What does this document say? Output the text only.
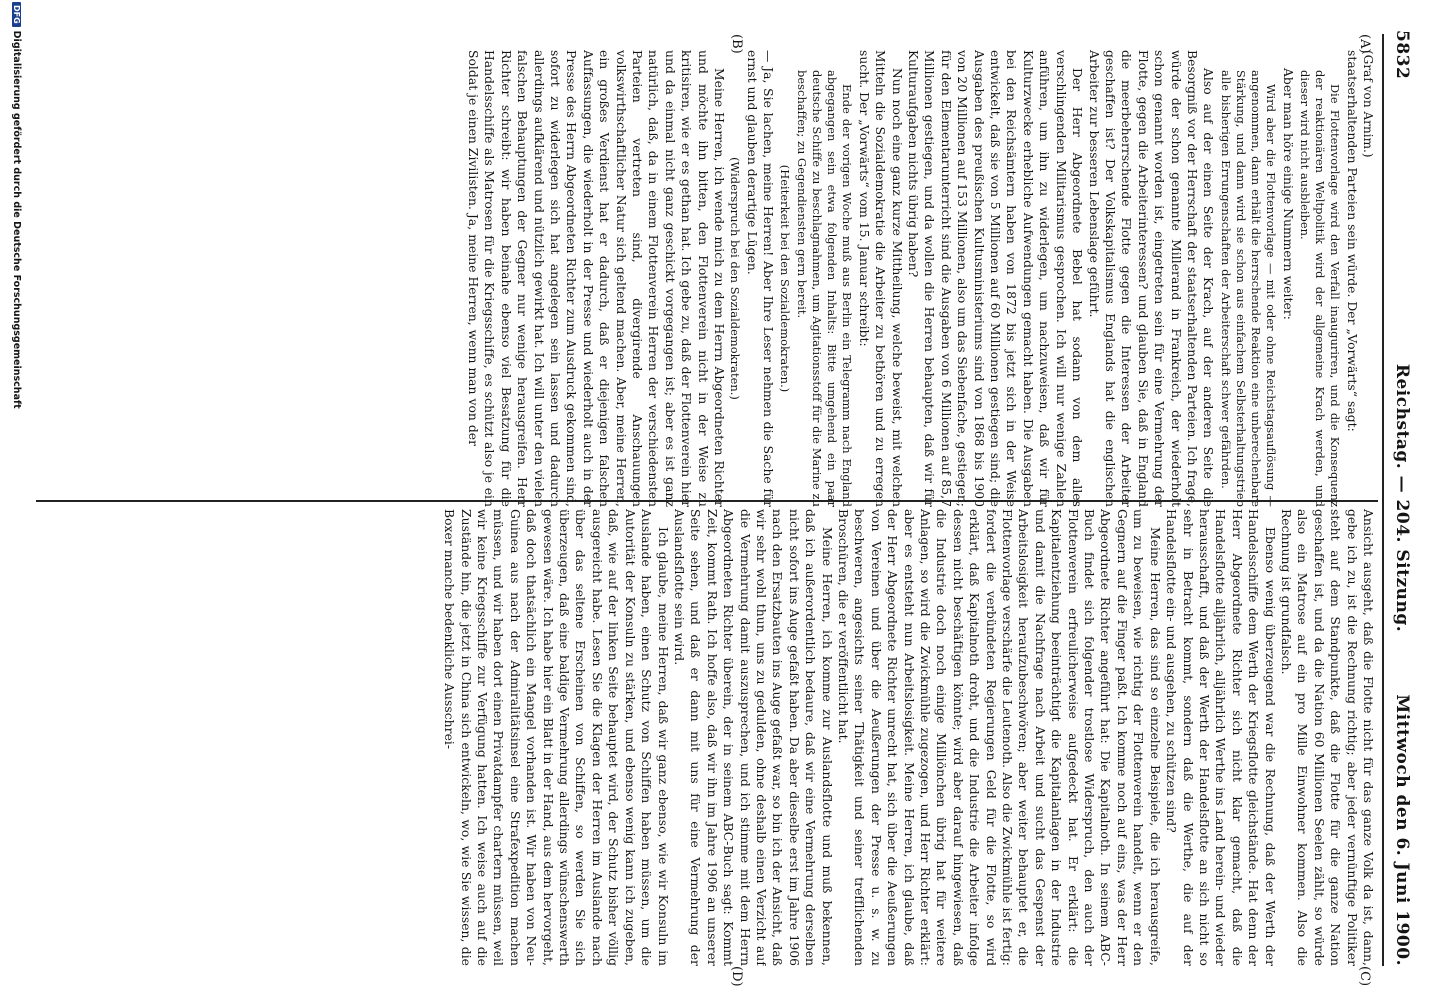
5832
Reichstag. — 204. Sitzung.
Mittwoch den 6. Juni 1900.
(A)
(B)
(C)
(D)

(Graf von Arnim.)

staatserhaltenden Parteien sein würde. Der „Vorwärts“ sagt:

Die Flottenvorlage wird den Verfall inauguriren, und die Konsequenz der reaktionären Weltpolitik wird der allgemeine Krach werden, und dieser wird nicht ausbleiben.

Aber man höre einige Nummern weiter:

Wird aber die Flottenvorlage — mit oder ohne Reichstagsauflösung — angenommen, dann erhält die herrschende Reaktion eine unberechenbare Stärkung, und dann wird sie schon aus einfachem Selbsterhaltungstrieb alle bisherigen Errungenschaften der Arbeiterschaft schwer gefährden.

Also auf der einen Seite der Krach, auf der anderen Seite die Besorgniß vor der Herrschaft der staatserhaltenden Parteien. Ich frage, würde der schon genannte Millerand in Frankreich, der wiederholt schon genannt worden ist, eingetreten sein für eine Vermehrung der Flotte, gegen die Arbeiterinteressen? und glauben Sie, daß in England die meerbeherrschende Flotte gegen die Interessen der Arbeiter geschaffen ist? Der Volkskapitalismus Englands hat die englischen Arbeiter zur besseren Lebenslage geführt.

Der Herr Abgeordnete Bebel hat sodann von dem alles verschlingenden Militarismus gesprochen. Ich will nur wenige Zahlen anführen, um ihn zu widerlegen, um nachzuweisen, daß wir für Kulturzwecke erhebliche Aufwendungen gemacht haben. Die Ausgaben bei den Reichsämtern haben von 1872 bis jetzt sich in der Weise entwickelt, daß sie von 5 Millionen auf 60 Millionen gestiegen sind; die Ausgaben des preußischen Kultusministeriums sind von 1868 bis 1900 von 20 Millionen auf 153 Millionen, also um das Siebenfache, gestiegen; für den Elementarunterricht sind die Ausgaben von 6 Millionen auf 85,7 Millionen gestiegen, und da wollen die Herren behaupten, daß wir für Kulturaufgaben nichts übrig haben?

Nun noch eine ganz kurze Mittheilung, welche beweist, mit welchen Mitteln die Sozialdemokratie die Arbeiter zu bethören und zu erregen sucht. Der „Vorwärts“ vom 15. Januar schreibt:

Ende der vorigen Woche muß aus Berlin ein Telegramm nach England abgegangen sein etwa folgenden Inhalts: Bitte umgehend ein paar deutsche Schiffe zu beschlagnahmen, um Agitationsstoff für die Marine zu beschaffen; zu Gegendiensten gern bereit.

(Heiterkeit bei den Sozialdemokraten.)

— Ja, Sie lachen, meine Herren! Aber Ihre Leser nehmen die Sache für ernst und glauben derartige Lügen.

(Widerspruch bei den Sozialdemokraten.)

Meine Herren, ich wende mich zu dem Herrn Abgeordneten Richter und möchte ihn bitten, den Flottenverein nicht in der Weise zu kritisiren, wie er es gethan hat. Ich gebe zu, daß der Flottenverein hier und da einmal nicht ganz geschickt vorgegangen ist; aber es ist ganz natürlich, daß, da in einem Flottenverein Herren der verschiedensten Parteien vertreten sind, divergirende Anschauungen volkswirthschaftlicher Natur sich geltend machen. Aber, meine Herren, ein großes Verdienst hat er dadurch, daß er diejenigen falschen Auffassungen, die wiederholt in der Presse und wiederholt auch in der Presse des Herrn Abgeordneten Richter zum Ausdruck gekommen sind, sofort zu widerlegen sich hat angelegen sein lassen und dadurch allerdings aufklärend und nützlich gewirkt hat. Ich will unter den vielen falschen Behauptungen der Gegner nur wenige herausgreifen. Herr Richter schreibt: wir haben beinahe ebenso viel Besatzung für die Handelsschiffe als Matrosen für die Kriegsschiffe, es schützt also je ein Soldat je einen Zivilisten. Ja, meine Herren, wenn man von der

Ansicht ausgeht, daß die Flotte nicht für das ganze Volk da ist, dann, gebe ich zu, ist die Rechnung richtig; aber jeder vernünftige Politiker steht auf dem Standpunkte, daß die Flotte für die ganze Nation geschaffen ist, und da die Nation 60 Millionen Seelen zählt, so würde also ein Matrose auf ein pro Mille Einwohner kommen. Also die Rechnung ist grundfalsch.

Ebenso wenig überzeugend war die Rechnung, daß der Werth der Handelsschiffe dem Werth der Kriegsflotte gleichstände. Hat denn der Herr Abgeordnete Richter sich nicht klar gemacht, daß die Handelsflotte alljährlich, alljährlich Werthe ins Land herein- und wieder herausschafft, und daß der Werth der Handelsflotte an sich nicht so sehr in Betracht kommt, sondern daß die Werthe, die auf der Handelsflotte ein- und ausgehen, zu schützen sind?

Meine Herren, das sind so einzelne Beispiele, die ich herausgreife, um zu beweisen, wie richtig der Flottenverein handelt, wenn er den Gegnern auf die Finger paßt. Ich komme noch auf eins, was der Herr Abgeordnete Richter angeführt hat: Die Kapitalnoth. In seinem ABC-Buch findet sich folgender trostlose Widerspruch, den auch der Flottenverein erfreulicherweise aufgedeckt hat. Er erklärt: die Kapitalentziehung beeinträchtigt die Kapitalanlagen in der Industrie und damit die Nachfrage nach Arbeit und sucht das Gespenst der Arbeitslosigkeit heraufzubeschwören; aber weiter behauptet er, die Flottenvorlage verschärfe die Leutenoth. Also die Zwickmühle ist fertig: fordert die verbündeten Regierungen Geld für die Flotte, so wird erklärt, daß Kapitalnoth droht, und die Industrie die Arbeiter infolge dessen nicht beschäftigen könnte; wird aber darauf hingewiesen, daß die Industrie doch noch einige Milliönchen übrig hat für weitere Anlagen, so wird die Zwickmühle zugezogen, und Herr Richter erklärt: aber es entsteht nun Arbeitslosigkeit. Meine Herren, ich glaube, daß der Herr Abgeordnete Richter unrecht hat, sich über die Aeußerungen von Vereinen und über die Aeußerungen der Presse u. s. w. zu beschweren, angesichts seiner Thätigkeit und seiner trefflichenden Broschüren, die er veröffentlicht hat.

Meine Herren, ich komme zur Auslandsflotte und muß bekennen, daß ich außerordentlich bedaure, daß wir eine Vermehrung derselben nicht sofort ins Auge gefaßt haben. Da aber dieselbe erst im Jahre 1906 nach den Ersatzbauten ins Auge gefaßt war, so bin ich der Ansicht, daß wir sehr wohl thun, uns zu gedulden, ohne deshalb einen Verzicht auf die Vermehrung damit auszusprechen, und ich stimme mit dem Herrn Abgeordneten Richter überein, der in seinem ABC-Buch sagt: Kommt Zeit, kommt Rath. Ich hoffe also, daß wir ihn im Jahre 1906 an unserer Seite sehen, und daß er dann mit uns für eine Vermehrung der Auslandsflotte sein wird.

Ich glaube, meine Herren, daß wir ganz ebenso, wie wir Konsuln im Auslande haben, einen Schutz von Schiffen haben müssen, um die Autorität der Konsuln zu stärken, und ebenso wenig kann ich zugeben, daß, wie auf der linken Seite behauptet wird, der Schutz bisher völlig ausgereicht habe. Lesen Sie die Klagen der Herren im Auslande nach über das seltene Erscheinen von Schiffen, so werden Sie sich überzeugen, daß eine baldige Vermehrung allerdings wünschenswerth gewesen wäre. Ich habe hier ein Blatt in der Hand, aus dem hervorgeht, daß doch thatsächlich ein Mangel vorhanden ist. Wir haben von Neu-Guinea aus nach der Admiralitätsinsel eine Strafexpedition machen müssen, und wir haben dort einen Privatdampfer chartern müssen, weil wir keine Kriegsschiffe zur Verfügung hatten. Ich weise auch auf die Zustände hin, die jetzt in China sich entwickeln, wo, wie Sie wissen, die Boxer manche bedenkliche Ausschrei-

DFGDigitalisierung gefördert durch die Deutsche Forschungsgemeinschaft
